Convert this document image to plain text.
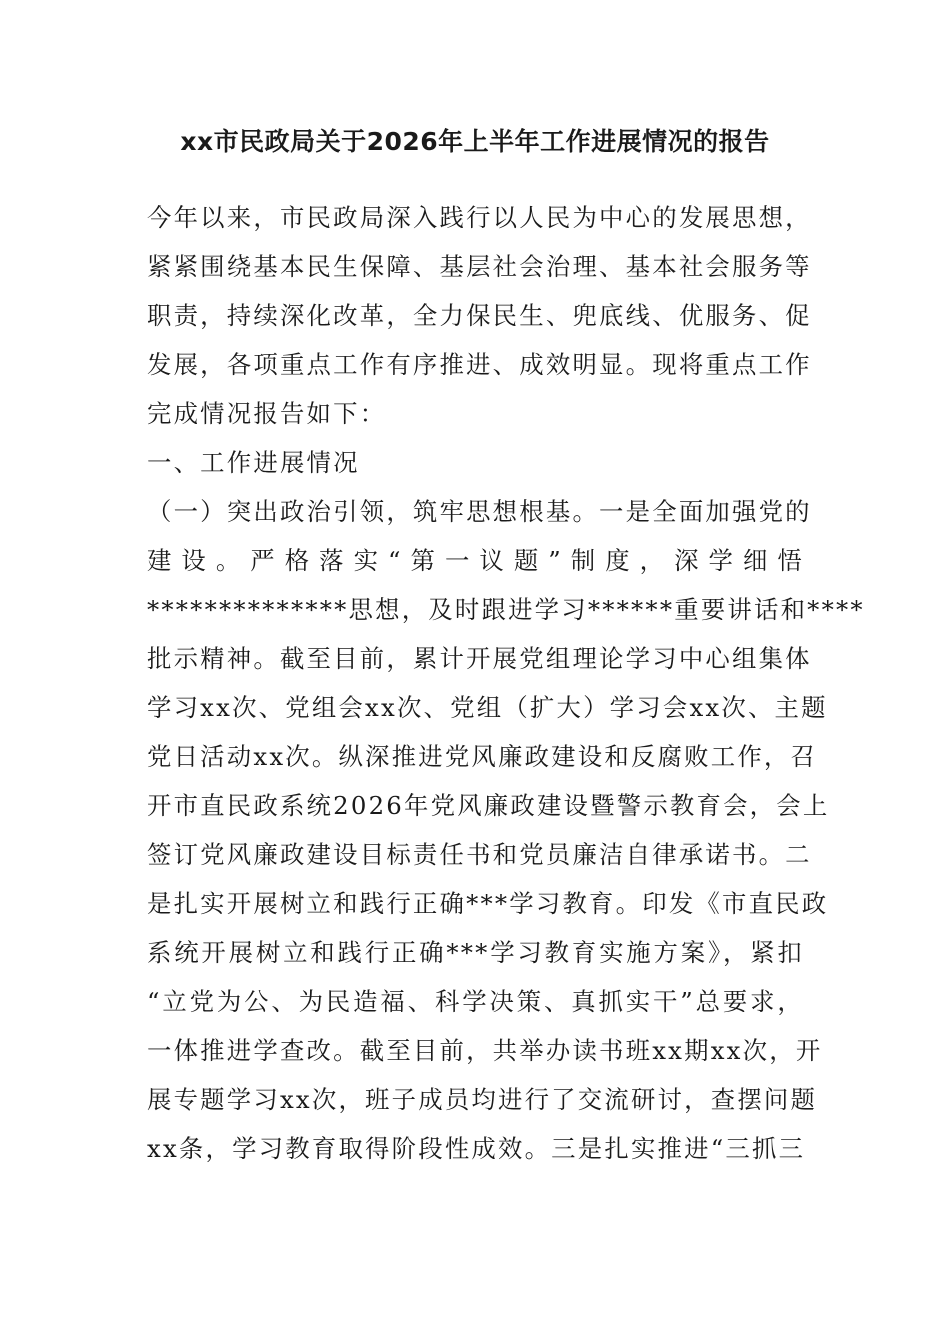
xx市民政局关于2026年上半年工作进展情况的报告
今年以来，市民政局深入践行以人民为中心的发展思想，
紧紧围绕基本民生保障、基层社会治理、基本社会服务等
职责，持续深化改革，全力保民生、兜底线、优服务、促
发展，各项重点工作有序推进、成效明显。现将重点工作
完成情况报告如下：
一、工作进展情况
（一）突出政治引领，筑牢思想根基。一是全面加强党的
建设。严格落实“第一议题”制度，深学细悟
**************思想，及时跟进学习******重要讲话和****
批示精神。截至目前，累计开展党组理论学习中心组集体
学习xx次、党组会xx次、党组（扩大）学习会xx次、主题
党日活动xx次。纵深推进党风廉政建设和反腐败工作，召
开市直民政系统2026年党风廉政建设暨警示教育会，会上
签订党风廉政建设目标责任书和党员廉洁自律承诺书。二
是扎实开展树立和践行正确***学习教育。印发《市直民政
系统开展树立和践行正确***学习教育实施方案》，紧扣
“立党为公、为民造福、科学决策、真抓实干”总要求，
一体推进学查改。截至目前，共举办读书班xx期xx次，开
展专题学习xx次，班子成员均进行了交流研讨，查摆问题
xx条，学习教育取得阶段性成效。三是扎实推进“三抓三
